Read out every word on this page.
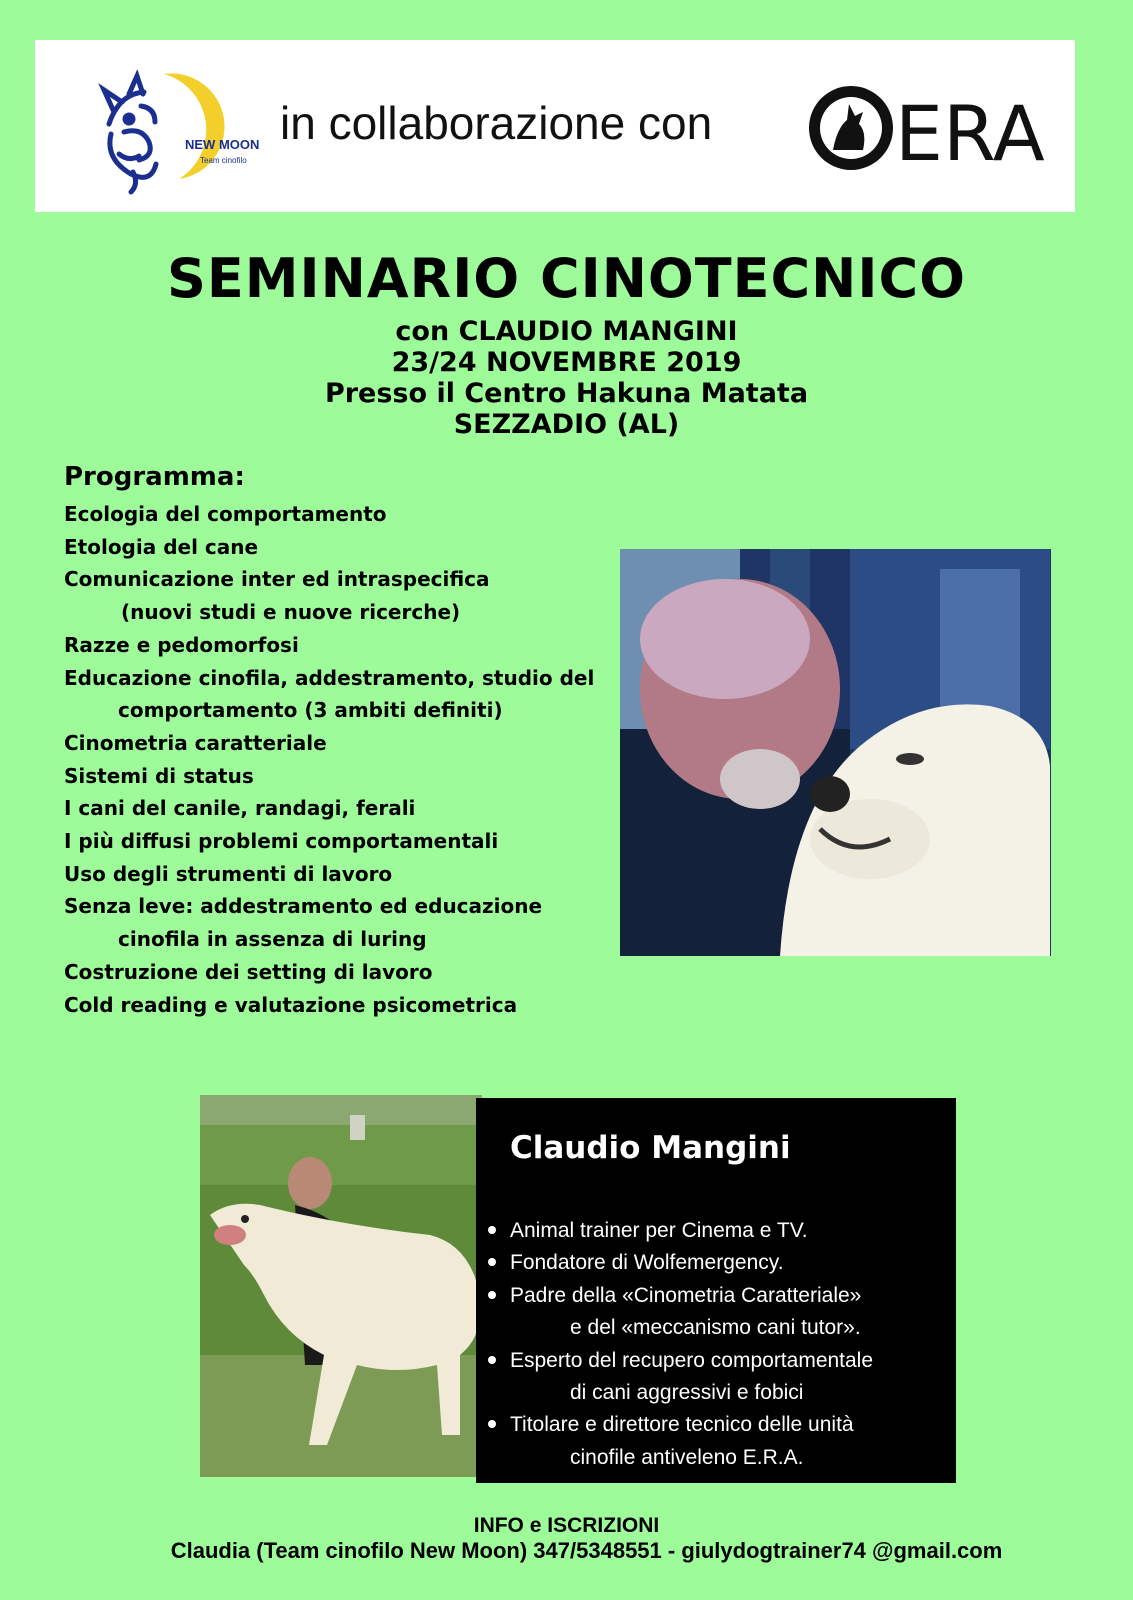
NEW MOON
Team cinofilo
in collaborazione con ERA
SEMINARIO CINOTECNICO
con CLAUDIO MANGINI
23/24 NOVEMBRE 2019
Presso il Centro Hakuna Matata
SEZZADIO (AL)
Programma:
Ecologia del comportamento
Etologia del cane
Comunicazione inter ed intraspecifica
(nuovi studi e nuove ricerche)
Razze e pedomorfosi
Educazione cinofila, addestramento, studio del
comportamento (3 ambiti definiti)
Cinometria caratteriale
Sistemi di status
I cani del canile, randagi, ferali
I più diffusi problemi comportamentali
Uso degli strumenti di lavoro
Senza leve: addestramento ed educazione
cinofila in assenza di luring
Costruzione dei setting di lavoro
Cold reading e valutazione psicometrica
Claudio Mangini
Animal trainer per Cinema e TV.
Fondatore di Wolfemergency.
Padre della «Cinometria Caratteriale»
e del «meccanismo cani tutor».
Esperto del recupero comportamentale
di cani aggressivi e fobici
Titolare e direttore tecnico delle unità
cinofile antiveleno E.R.A.
INFO e ISCRIZIONI
Claudia (Team cinofilo New Moon) 347/5348551 - giulydogtrainer74 @gmail.com
